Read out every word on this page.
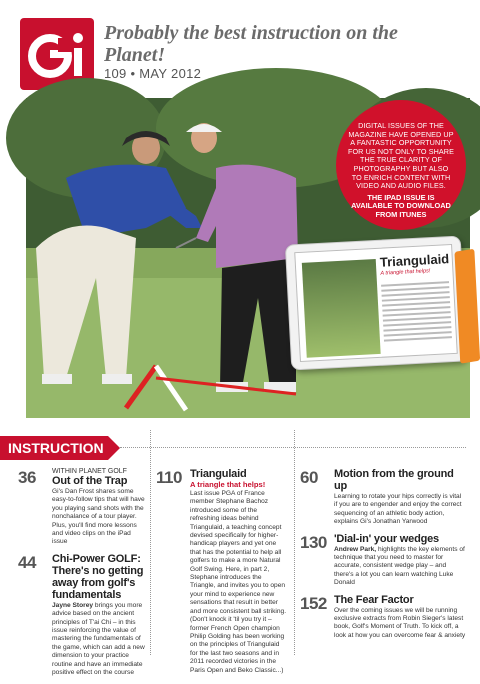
Probably the best instruction on the Planet!
109 • MAY 2012
DIGITAL ISSUES OF THE MAGAZINE HAVE OPENED UP A FANTASTIC OPPORTUNITY FOR US NOT ONLY TO SHARE THE TRUE CLARITY OF PHOTOGRAPHY BUT ALSO TO ENRICH CONTENT WITH VIDEO AND AUDIO FILES.
THE IPAD ISSUE IS AVAILABLE TO DOWNLOAD FROM ITUNES
Triangulaid
A triangle that helps!
INSTRUCTION
36 WITHIN PLANET GOLF
Out of the Trap
Gi's Dan Frost shares some easy-to-follow tips that will have you playing sand shots with the nonchalance of a tour player. Plus, you'll find more lessons and video clips on the iPad issue
44 Chi-Power GOLF: There's no getting away from golf's fundamentals
Jayne Storey brings you more advice based on the ancient principles of T'ai Chi – in this issue reinforcing the value of mastering the fundamentals of the game, which can add a new dimension to your practice routine and have an immediate positive effect on the course
110 Triangulaid
A triangle that helps!
Last issue PGA of France member Stephane Bachoz introduced some of the refreshing ideas behind Triangulaid, a teaching concept devised specifically for higher-handicap players and yet one that has the potential to help all golfers to make a more Natural Golf Swing. Here, in part 2, Stephane introduces the Triangle, and invites you to open your mind to experience new sensations that result in better and more consistent ball striking. (Don't knock it 'til you try it – former French Open champion Philip Golding has been working on the principles of Triangulaid for the last two seasons and in 2011 recorded victories in the Paris Open and Beko Classic...)
60 Motion from the ground up
Learning to rotate your hips correctly is vital if you are to engender and enjoy the correct sequencing of an athletic body action, explains Gi's Jonathan Yarwood
130 'Dial-in' your wedges
Andrew Park, highlights the key elements of technique that you need to master for accurate, consistent wedge play – and there's a lot you can learn watching Luke Donald
152 The Fear Factor
Over the coming issues we will be running exclusive extracts from Robin Sieger's latest book, Golf's Moment of Truth. To kick off, a look at how you can overcome fear & anxiety
